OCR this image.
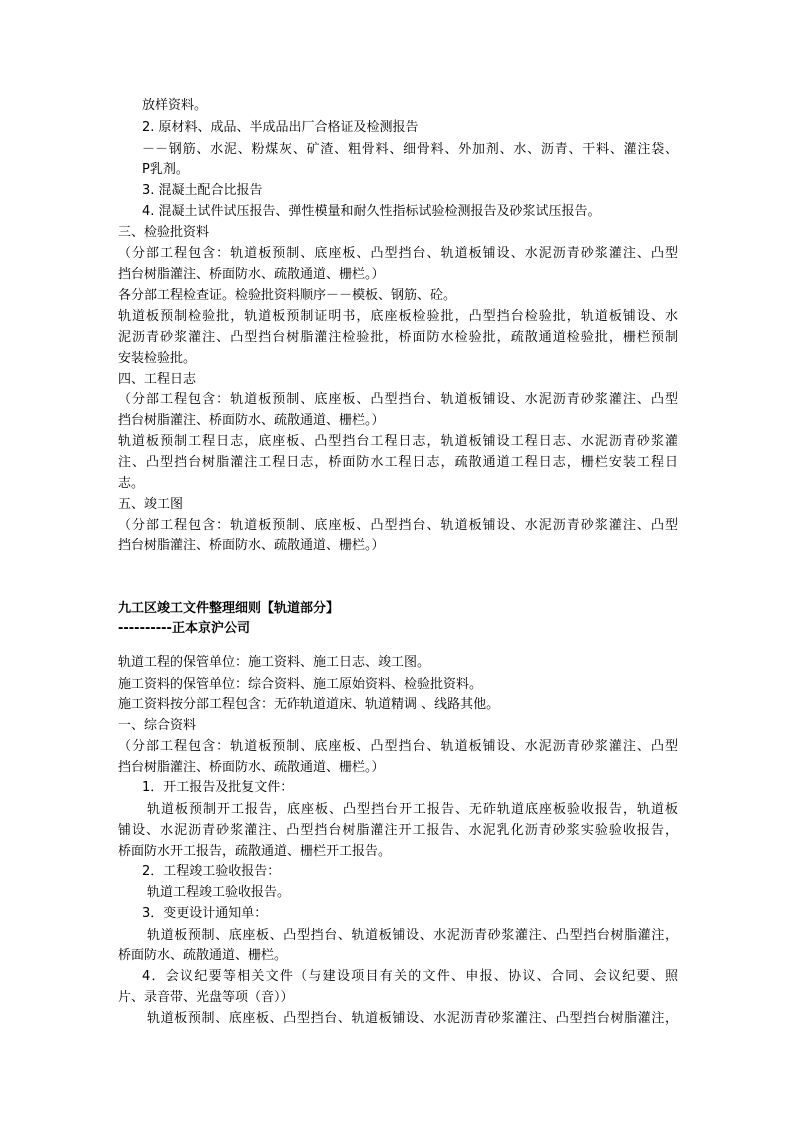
放样资料。
2. 原材料、成品、半成品出厂合格证及检测报告
－－钢筋、水泥、粉煤灰、矿渣、粗骨料、细骨料、外加剂、水、沥青、干料、灌注袋、
P乳剂。
3. 混凝土配合比报告
4. 混凝土试件试压报告、弹性模量和耐久性指标试验检测报告及砂浆试压报告。
三、检验批资料
（分部工程包含：轨道板预制、底座板、凸型挡台、轨道板铺设、水泥沥青砂浆灌注、凸型
挡台树脂灌注、桥面防水、疏散通道、栅栏。）
各分部工程检查证。检验批资料顺序－－模板、钢筋、砼。
轨道板预制检验批，轨道板预制证明书，底座板检验批，凸型挡台检验批，轨道板铺设、水
泥沥青砂浆灌注、凸型挡台树脂灌注检验批，桥面防水检验批，疏散通道检验批，栅栏预制
安装检验批。
四、工程日志
（分部工程包含：轨道板预制、底座板、凸型挡台、轨道板铺设、水泥沥青砂浆灌注、凸型
挡台树脂灌注、桥面防水、疏散通道、栅栏。）
轨道板预制工程日志，底座板、凸型挡台工程日志，轨道板铺设工程日志、水泥沥青砂浆灌
注、凸型挡台树脂灌注工程日志，桥面防水工程日志，疏散通道工程日志，栅栏安装工程日
志。
五、竣工图
（分部工程包含：轨道板预制、底座板、凸型挡台、轨道板铺设、水泥沥青砂浆灌注、凸型
挡台树脂灌注、桥面防水、疏散通道、栅栏。）
九工区竣工文件整理细则【轨道部分】
----------正本京沪公司
轨道工程的保管单位：施工资料、施工日志、竣工图。
施工资料的保管单位：综合资料、施工原始资料、检验批资料。
施工资料按分部工程包含：无砟轨道道床、轨道精调 、线路其他。
一、综合资料
（分部工程包含：轨道板预制、底座板、凸型挡台、轨道板铺设、水泥沥青砂浆灌注、凸型
挡台树脂灌注、桥面防水、疏散通道、栅栏。）
1．开工报告及批复文件：
轨道板预制开工报告，底座板、凸型挡台开工报告、无砟轨道底座板验收报告，轨道板
铺设、水泥沥青砂浆灌注、凸型挡台树脂灌注开工报告、水泥乳化沥青砂浆实验验收报告，
桥面防水开工报告，疏散通道、栅栏开工报告。
2．工程竣工验收报告：
轨道工程竣工验收报告。
3．变更设计通知单：
轨道板预制、底座板、凸型挡台、轨道板铺设、水泥沥青砂浆灌注、凸型挡台树脂灌注，
桥面防水、疏散通道、栅栏。
4．会议纪要等相关文件（与建设项目有关的文件、申报、协议、合同、会议纪要、照
片、录音带、光盘等项（音））
轨道板预制、底座板、凸型挡台、轨道板铺设、水泥沥青砂浆灌注、凸型挡台树脂灌注，
